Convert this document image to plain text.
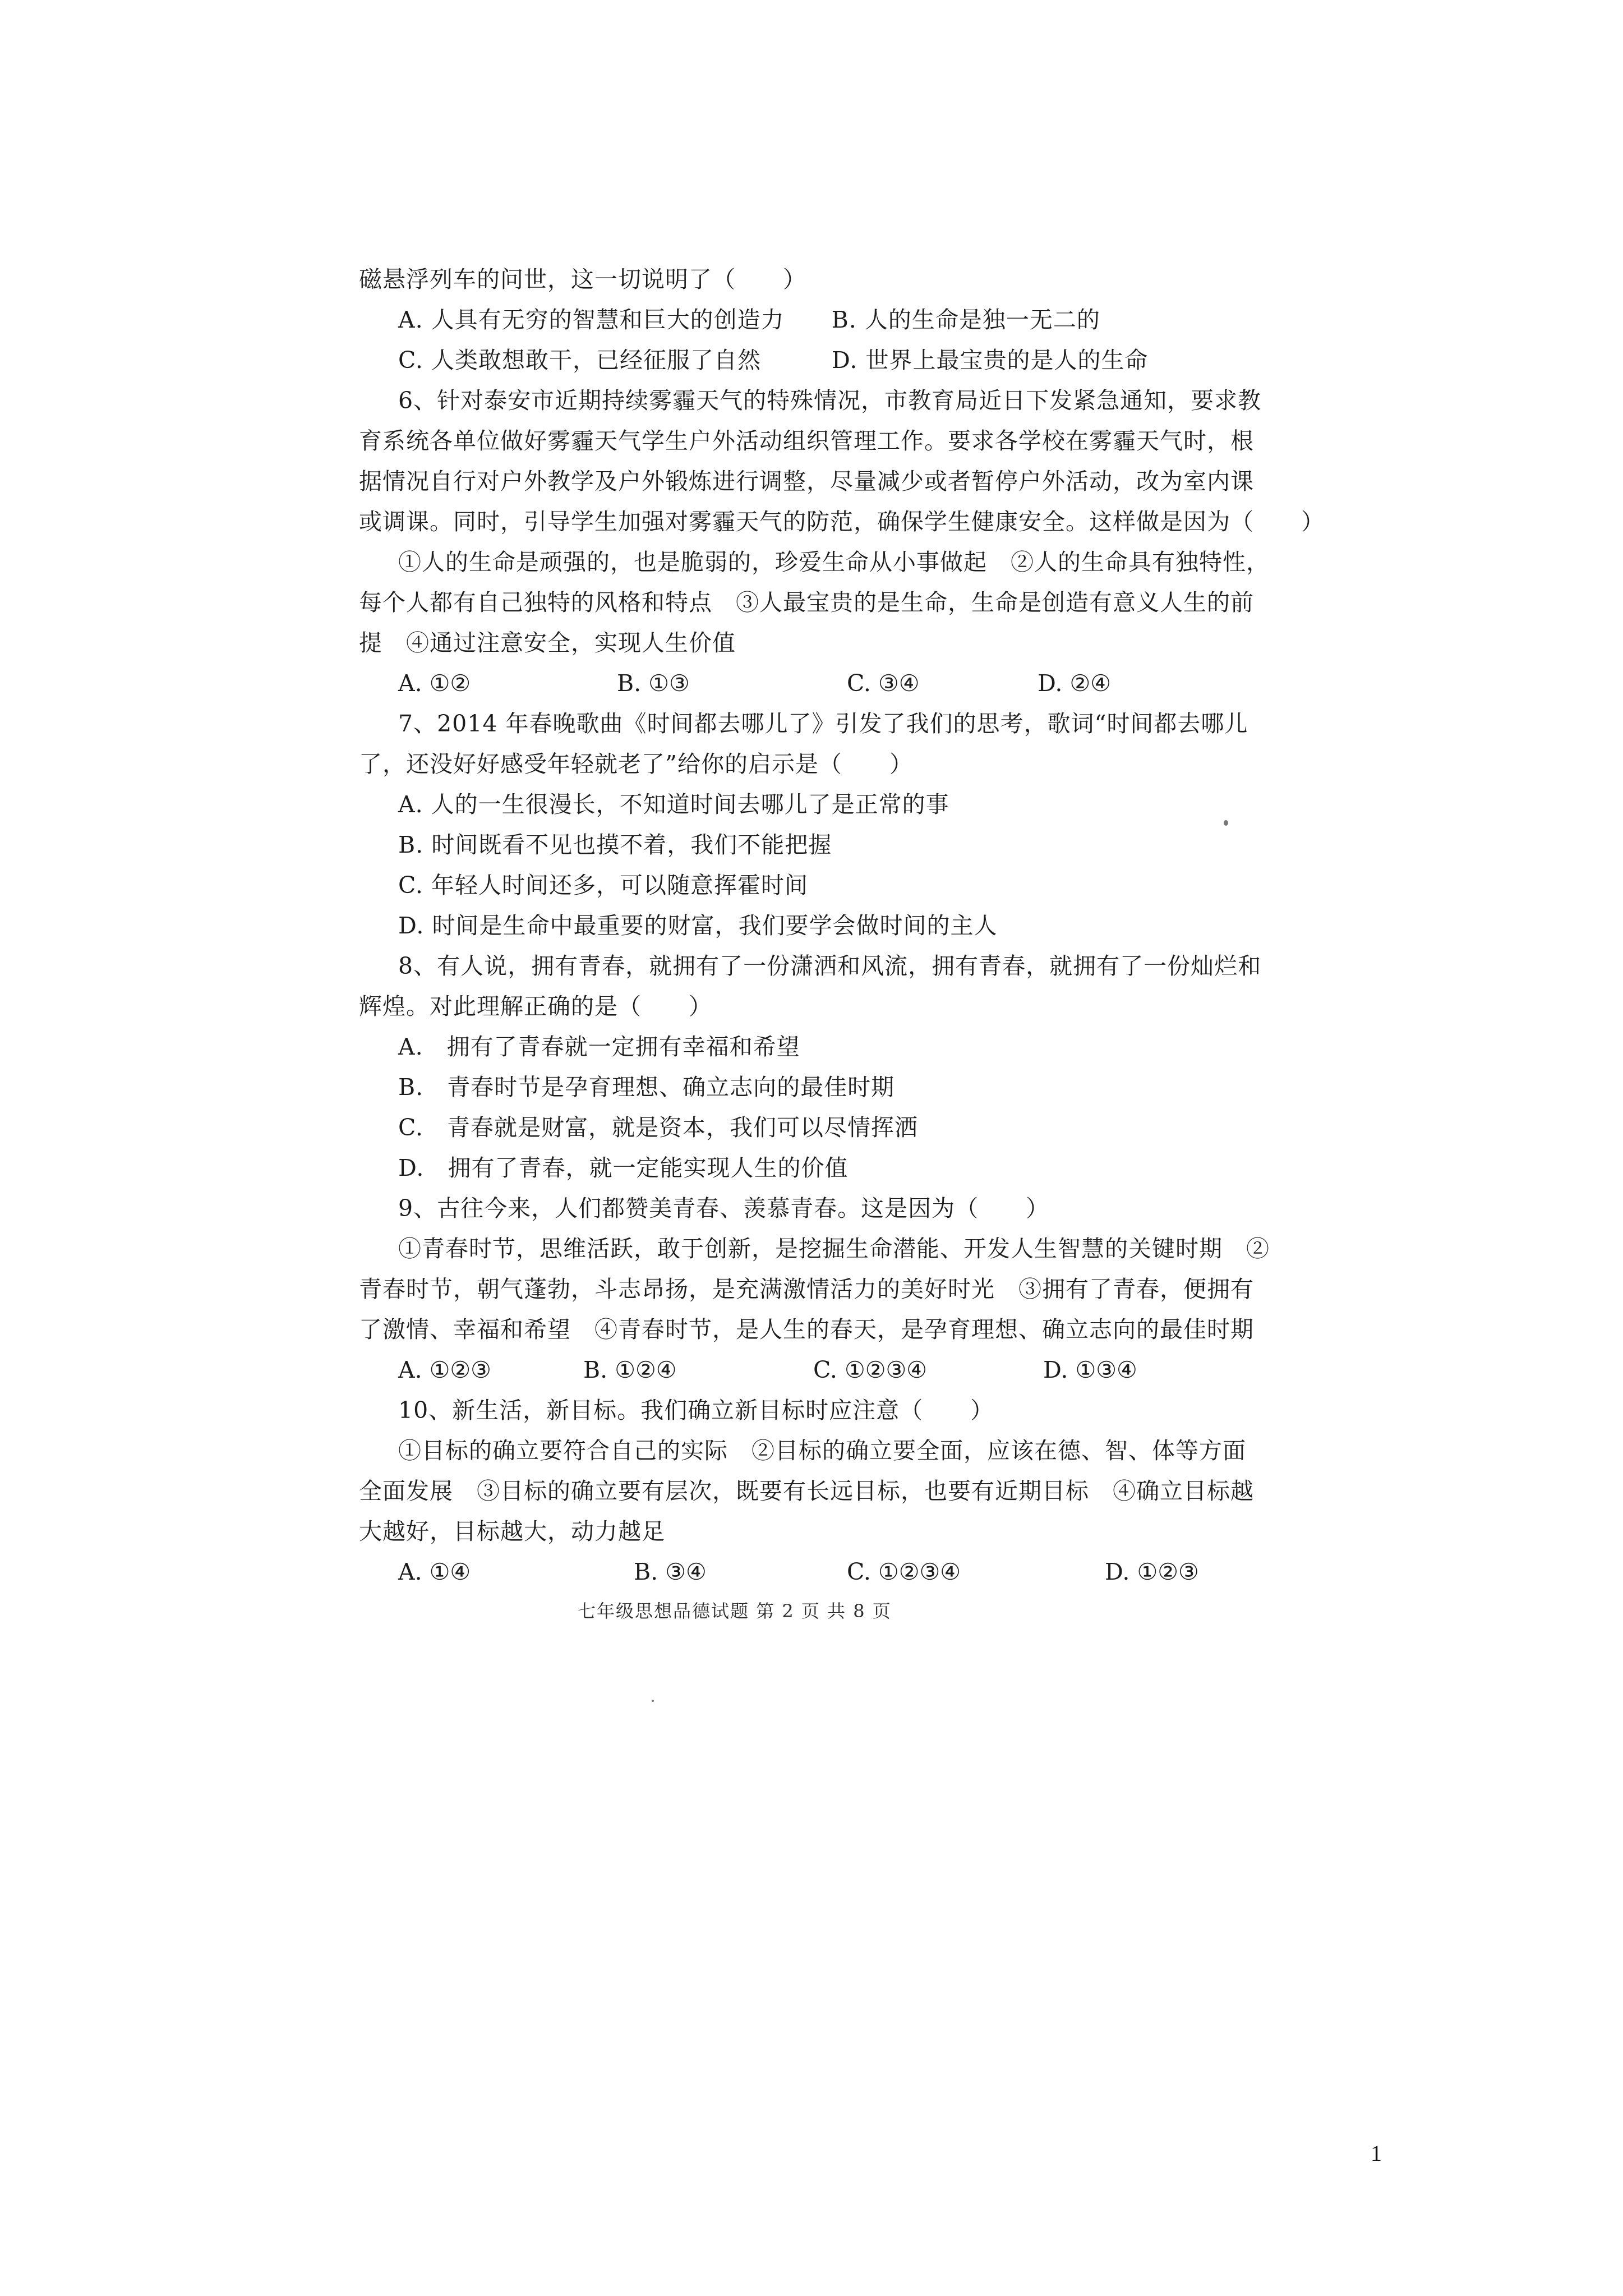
磁悬浮列车的问世，这一切说明了（　　）
A. 人具有无穷的智慧和巨大的创造力　　B. 人的生命是独一无二的
C. 人类敢想敢干，已经征服了自然　　　D. 世界上最宝贵的是人的生命
6、针对泰安市近期持续雾霾天气的特殊情况，市教育局近日下发紧急通知，要求教
育系统各单位做好雾霾天气学生户外活动组织管理工作。要求各学校在雾霾天气时，根
据情况自行对户外教学及户外锻炼进行调整，尽量减少或者暂停户外活动，改为室内课
或调课。同时，引导学生加强对雾霾天气的防范，确保学生健康安全。这样做是因为（　　）
①人的生命是顽强的，也是脆弱的，珍爱生命从小事做起　②人的生命具有独特性，
每个人都有自己独特的风格和特点　③人最宝贵的是生命，生命是创造有意义人生的前
提　④通过注意安全，实现人生价值
A. ①②	B. ①③	C. ③④	D. ②④
7、2014 年春晚歌曲《时间都去哪儿了》引发了我们的思考，歌词“时间都去哪儿
了，还没好好感受年轻就老了”给你的启示是（　　）
A. 人的一生很漫长，不知道时间去哪儿了是正常的事
B. 时间既看不见也摸不着，我们不能把握
C. 年轻人时间还多，可以随意挥霍时间
D. 时间是生命中最重要的财富，我们要学会做时间的主人
8、有人说，拥有青春，就拥有了一份潇洒和风流，拥有青春，就拥有了一份灿烂和
辉煌。对此理解正确的是（　　）
A.　拥有了青春就一定拥有幸福和希望
B.　青春时节是孕育理想、确立志向的最佳时期
C.　青春就是财富，就是资本，我们可以尽情挥洒
D.　拥有了青春，就一定能实现人生的价值
9、古往今来，人们都赞美青春、羡慕青春。这是因为（　　）
①青春时节，思维活跃，敢于创新，是挖掘生命潜能、开发人生智慧的关键时期　②
青春时节，朝气蓬勃，斗志昂扬，是充满激情活力的美好时光　③拥有了青春，便拥有
了激情、幸福和希望　④青春时节，是人生的春天，是孕育理想、确立志向的最佳时期
A. ①②③	B. ①②④	C. ①②③④	D. ①③④
10、新生活，新目标。我们确立新目标时应注意（　　）
①目标的确立要符合自己的实际　②目标的确立要全面，应该在德、智、体等方面
全面发展　③目标的确立要有层次，既要有长远目标，也要有近期目标　④确立目标越
大越好，目标越大，动力越足
A. ①④	B. ③④	C. ①②③④	D. ①②③
七年级思想品德试题 第 2 页 共 8 页
1
